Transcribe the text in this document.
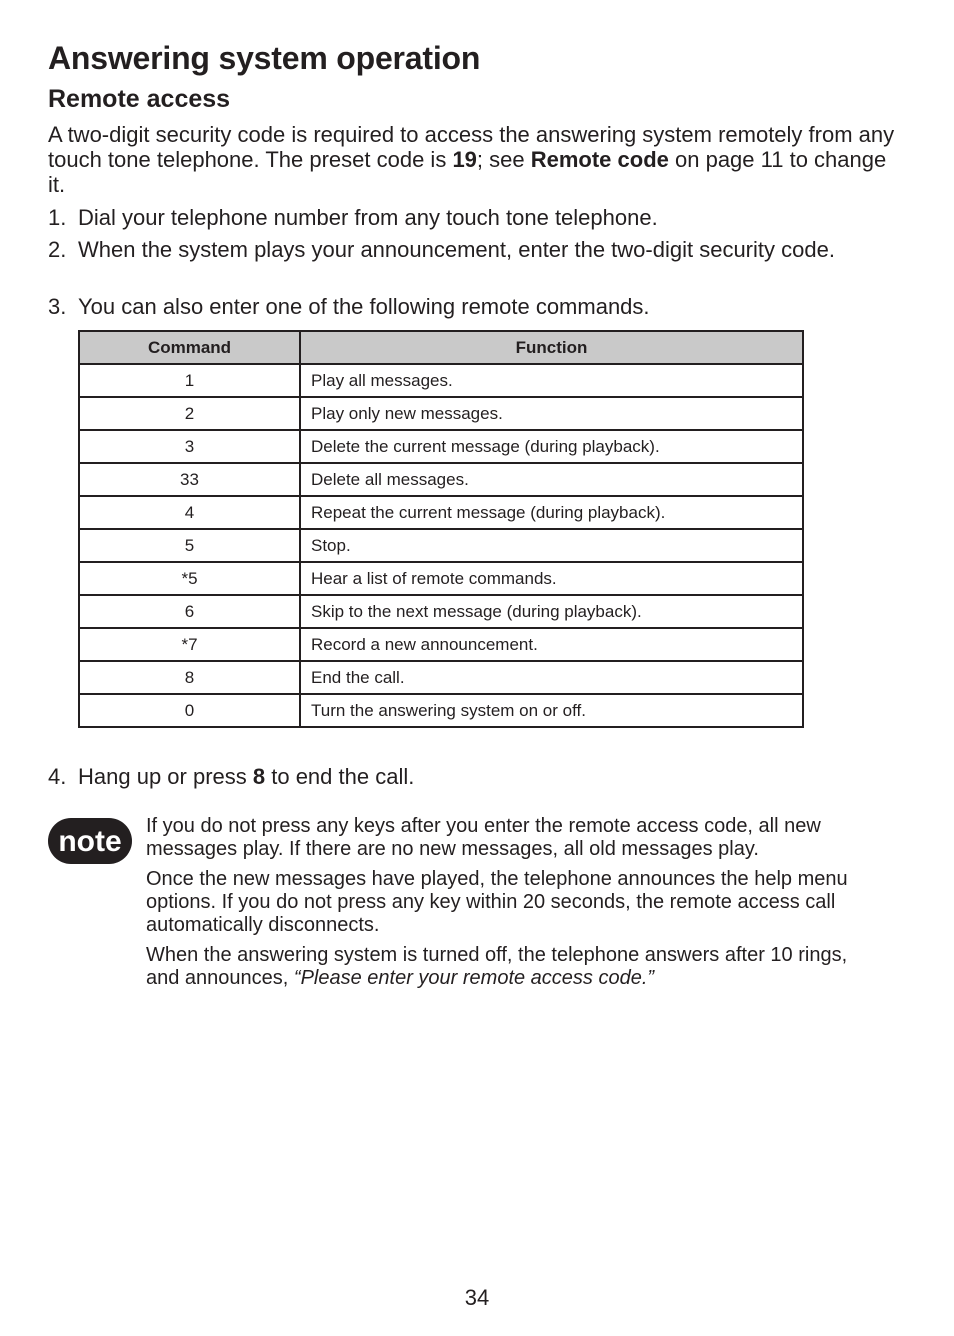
Answering system operation
Remote access

A two-digit security code is required to access the answering system remotely from any touch tone telephone. The preset code is 19; see Remote code on page 11 to change it.

1. Dial your telephone number from any touch tone telephone.
2. When the system plays your announcement, enter the two-digit security code.
3. You can also enter one of the following remote commands.
Command	Function
1	Play all messages.
2	Play only new messages.
3	Delete the current message (during playback).
33	Delete all messages.
4	Repeat the current message (during playback).
5	Stop.
*5	Hear a list of remote commands.
6	Skip to the next message (during playback).
*7	Record a new announcement.
8	End the call.
0	Turn the answering system on or off.
4. Hang up or press 8 to end the call.
note If you do not press any keys after you enter the remote access code, all new messages play. If there are no new messages, all old messages play.

Once the new messages have played, the telephone announces the help menu options. If you do not press any key within 20 seconds, the remote access call automatically disconnects.

When the answering system is turned off, the telephone answers after 10 rings, and announces, “Please enter your remote access code.”

34
